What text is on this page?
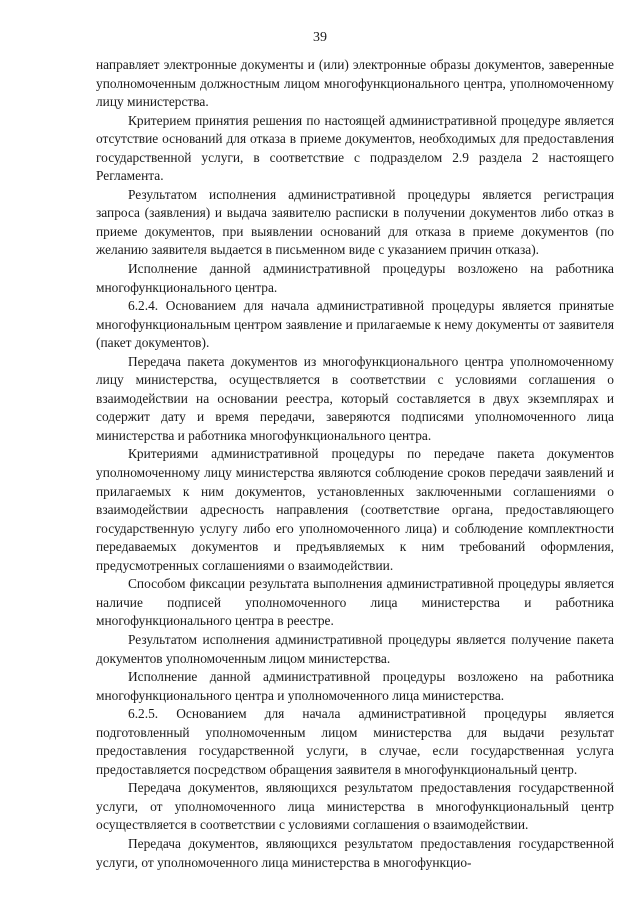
39

направляет электронные документы и (или) электронные образы документов, заверенные уполномоченным должностным лицом многофункционального центра, уполномоченному лицу министерства.

Критерием принятия решения по настоящей административной процедуре является отсутствие оснований для отказа в приеме документов, необходимых для предоставления государственной услуги, в соответствие с подразделом 2.9 раздела 2 настоящего Регламента.

Результатом исполнения административной процедуры является регистрация запроса (заявления) и выдача заявителю расписки в получении документов либо отказ в приеме документов, при выявлении оснований для отказа в приеме документов (по желанию заявителя выдается в письменном виде с указанием причин отказа).

Исполнение данной административной процедуры возложено на работника многофункционального центра.

6.2.4. Основанием для начала административной процедуры является принятые многофункциональным центром заявление и прилагаемые к нему документы от заявителя (пакет документов).

Передача пакета документов из многофункционального центра уполномоченному лицу министерства, осуществляется в соответствии с условиями соглашения о взаимодействии на основании реестра, который составляется в двух экземплярах и содержит дату и время передачи, заверяются подписями уполномоченного лица министерства и работника многофункционального центра.

Критериями административной процедуры по передаче пакета документов уполномоченному лицу министерства являются соблюдение сроков передачи заявлений и прилагаемых к ним документов, установленных заключенными соглашениями о взаимодействии адресность направления (соответствие органа, предоставляющего государственную услугу либо его уполномоченного лица) и соблюдение комплектности передаваемых документов и предъявляемых к ним требований оформления, предусмотренных соглашениями о взаимодействии.

Способом фиксации результата выполнения административной процедуры является наличие подписей уполномоченного лица министерства и работника многофункционального центра в реестре.

Результатом исполнения административной процедуры является получение пакета документов уполномоченным лицом министерства.

Исполнение данной административной процедуры возложено на работника многофункционального центра и уполномоченного лица министерства.

6.2.5. Основанием для начала административной процедуры является подготовленный уполномоченным лицом министерства для выдачи результат предоставления государственной услуги, в случае, если государственная услуга предоставляется посредством обращения заявителя в многофункциональный центр.

Передача документов, являющихся результатом предоставления государственной услуги, от уполномоченного лица министерства в многофункциональный центр осуществляется в соответствии с условиями соглашения о взаимодействии.

Передача документов, являющихся результатом предоставления государственной услуги, от уполномоченного лица министерства в многофункцио-
